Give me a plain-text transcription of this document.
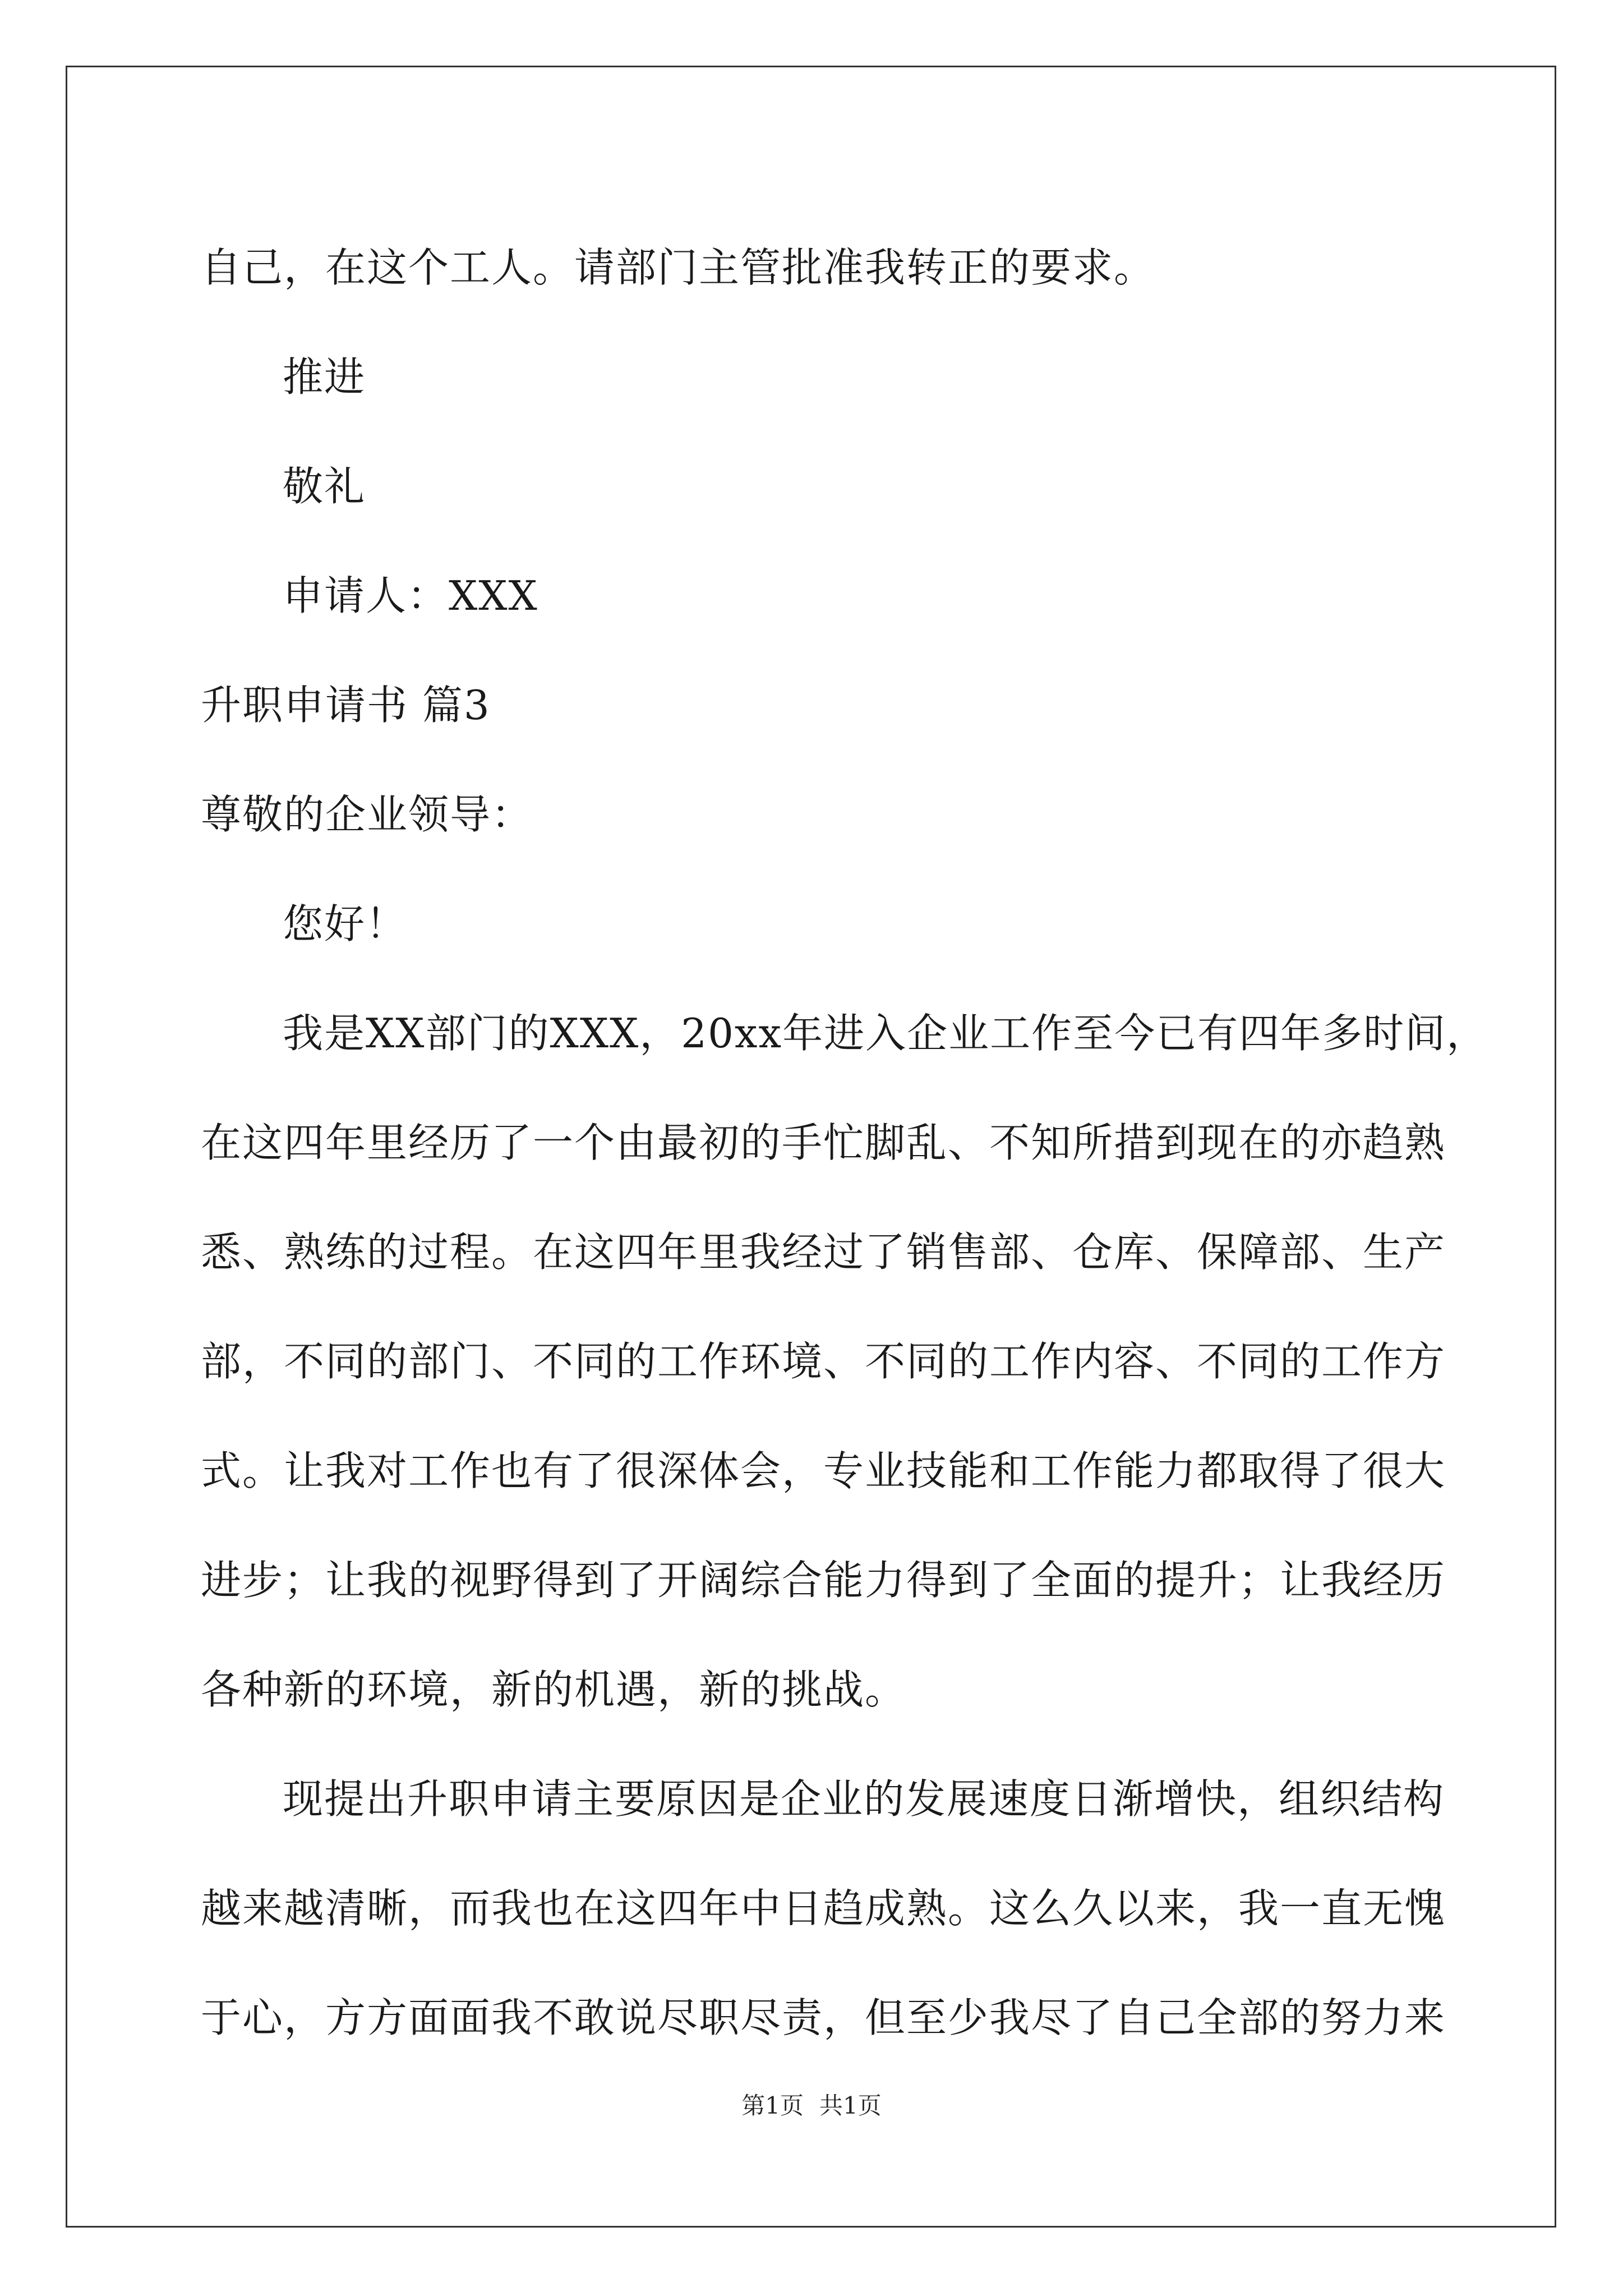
自己，在这个工人。请部门主管批准我转正的要求。
推进
敬礼
申请人：XXX
升职申请书 篇3
尊敬的企业领导：
您好！
我是XX部门的XXX，20xx年进入企业工作至今已有四年多时间，
在这四年里经历了一个由最初的手忙脚乱、不知所措到现在的亦趋熟
悉、熟练的过程。在这四年里我经过了销售部、仓库、保障部、生产
部，不同的部门、不同的工作环境、不同的工作内容、不同的工作方
式。让我对工作也有了很深体会，专业技能和工作能力都取得了很大
进步；让我的视野得到了开阔综合能力得到了全面的提升；让我经历
各种新的环境，新的机遇，新的挑战。
现提出升职申请主要原因是企业的发展速度日渐增快，组织结构
越来越清晰，而我也在这四年中日趋成熟。这么久以来，我一直无愧
于心，方方面面我不敢说尽职尽责，但至少我尽了自己全部的努力来
第1页 共1页
